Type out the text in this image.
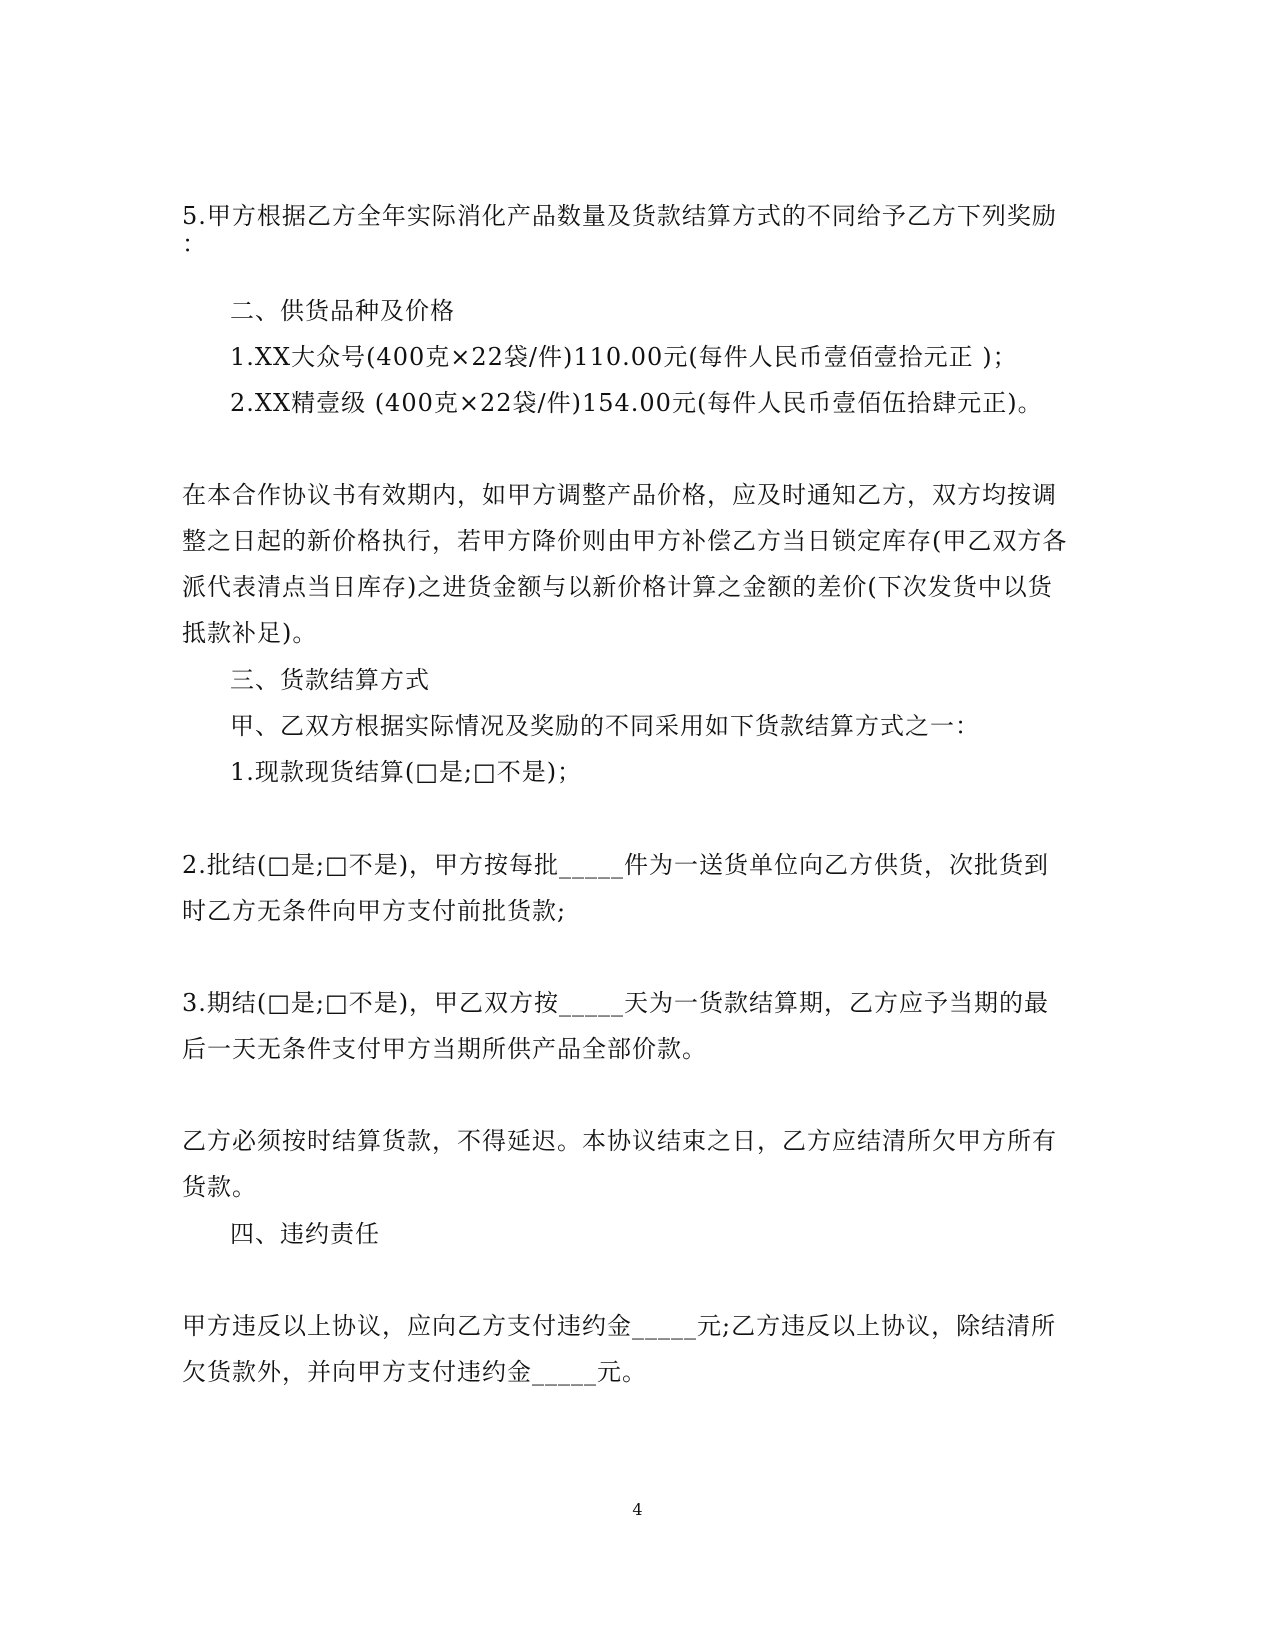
5.甲方根据乙方全年实际消化产品数量及货款结算方式的不同给予乙方下列奖励
：
二、供货品种及价格
1.XX大众号(400克×22袋/件)110.00元(每件人民币壹佰壹拾元正 )；
2.XX精壹级 (400克×22袋/件)154.00元(每件人民币壹佰伍拾肆元正)。
在本合作协议书有效期内，如甲方调整产品价格，应及时通知乙方，双方均按调
整之日起的新价格执行，若甲方降价则由甲方补偿乙方当日锁定库存(甲乙双方各
派代表清点当日库存)之进货金额与以新价格计算之金额的差价(下次发货中以货
抵款补足)。
三、货款结算方式
甲、乙双方根据实际情况及奖励的不同采用如下货款结算方式之一：
1.现款现货结算(□是;□不是)；
2.批结(□是;□不是)，甲方按每批_____件为一送货单位向乙方供货，次批货到
时乙方无条件向甲方支付前批货款;
3.期结(□是;□不是)，甲乙双方按_____天为一货款结算期，乙方应予当期的最
后一天无条件支付甲方当期所供产品全部价款。
乙方必须按时结算货款，不得延迟。本协议结束之日，乙方应结清所欠甲方所有
货款。
四、违约责任
甲方违反以上协议，应向乙方支付违约金_____元;乙方违反以上协议，除结清所
欠货款外，并向甲方支付违约金_____元。
4
